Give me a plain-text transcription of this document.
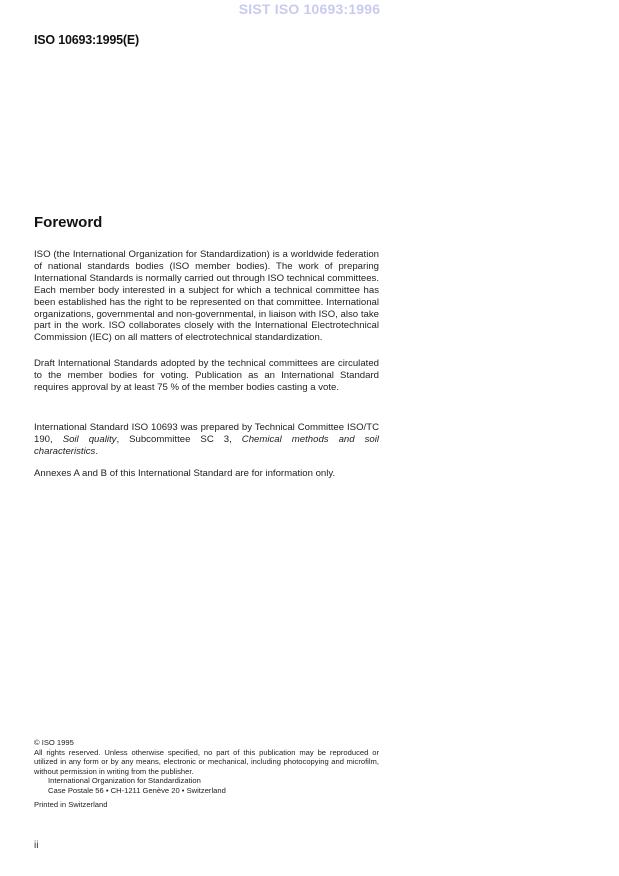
SIST ISO 10693:1996
ISO 10693:1995(E)
Foreword

ISO (the International Organization for Standardization) is a worldwide federation of national standards bodies (ISO member bodies). The work of preparing International Standards is normally carried out through ISO technical committees. Each member body interested in a subject for which a technical committee has been established has the right to be represented on that committee. International organizations, governmental and non-governmental, in liaison with ISO, also take part in the work. ISO collaborates closely with the International Electrotechnical Commission (IEC) on all matters of electrotechnical standardization.

Draft International Standards adopted by the technical committees are circulated to the member bodies for voting. Publication as an International Standard requires approval by at least 75 % of the member bodies casting a vote.

International Standard ISO 10693 was prepared by Technical Committee ISO/TC 190, Soil quality, Subcommittee SC 3, Chemical methods and soil characteristics.

Annexes A and B of this International Standard are for information only.

© ISO 1995
All rights reserved. Unless otherwise specified, no part of this publication may be reproduced or utilized in any form or by any means, electronic or mechanical, including photocopying and microfilm, without permission in writing from the publisher.
International Organization for Standardization
Case Postale 56 • CH-1211 Genève 20 • Switzerland
Printed in Switzerland
ii
